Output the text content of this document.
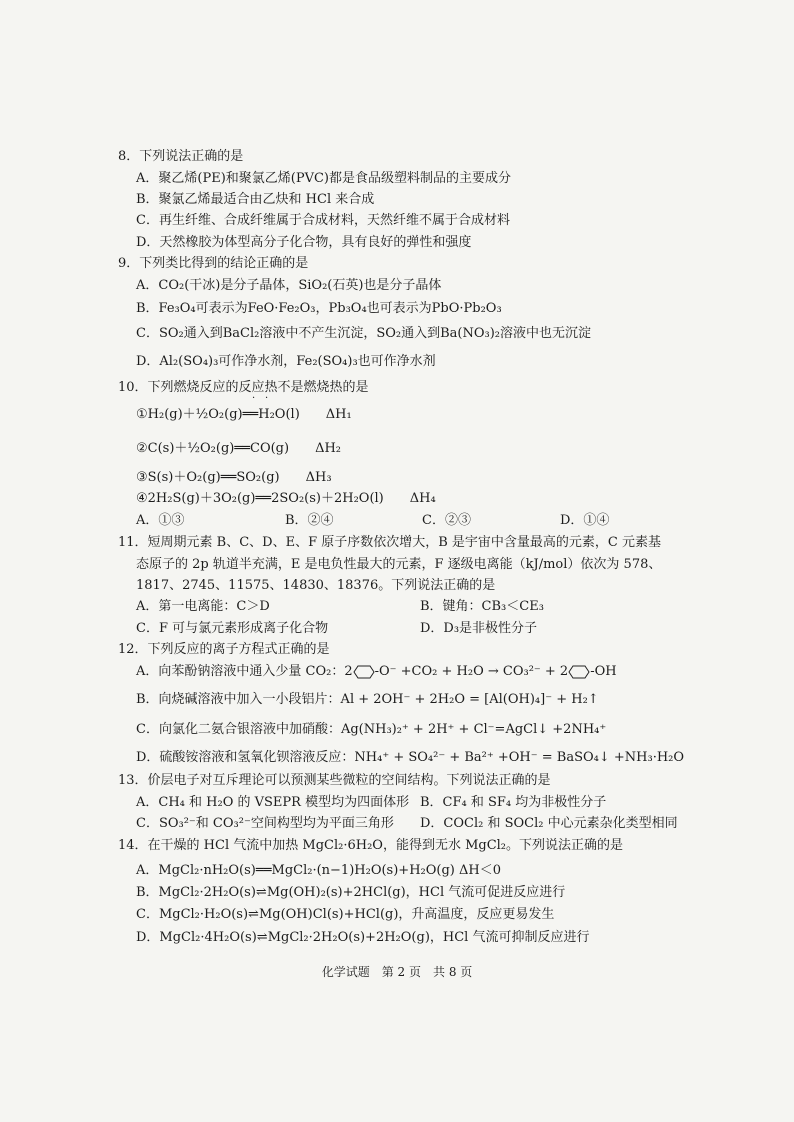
8．下列说法正确的是
A．聚乙烯(PE)和聚氯乙烯(PVC)都是食品级塑料制品的主要成分
B．聚氯乙烯最适合由乙炔和 HCl 来合成
C．再生纤维、合成纤维属于合成材料，天然纤维不属于合成材料
D．天然橡胶为体型高分子化合物，具有良好的弹性和强度
9．下列类比得到的结论正确的是
A．CO₂(干冰)是分子晶体，SiO₂(石英)也是分子晶体
B．Fe₃O₄可表示为FeO·Fe₂O₃，Pb₃O₄也可表示为PbO·Pb₂O₃
C．SO₂通入到BaCl₂溶液中不产生沉淀，SO₂通入到Ba(NO₃)₂溶液中也无沉淀
D．Al₂(SO₄)₃可作净水剂，Fe₂(SO₄)₃也可作净水剂
10．下列燃烧反应的反应热不是燃烧热的是
· ·
①H₂(g)＋½O₂(g)══H₂O(l)　　ΔH₁
②C(s)＋½O₂(g)══CO(g)　　ΔH₂
③S(s)＋O₂(g)══SO₂(g)　　ΔH₃
④2H₂S(g)＋3O₂(g)══2SO₂(s)＋2H₂O(l)　　ΔH₄
A．①③	B．②④	C．②③	D．①④
11．短周期元素 B、C、D、E、F 原子序数依次增大，B 是宇宙中含量最高的元素，C 元素基
态原子的 2p 轨道半充满，E 是电负性最大的元素，F 逐级电离能（kJ/mol）依次为 578、
1817、2745、11575、14830、18376。下列说法正确的是
A．第一电离能：C＞D	B．键角：CB₃＜CE₃
C．F 可与氯元素形成离子化合物	D．D₃是非极性分子
12．下列反应的离子方程式正确的是
A．向苯酚钠溶液中通入少量 CO₂：2 -O⁻ +CO₂ + H₂O → CO₃²⁻ + 2 -OH
B．向烧碱溶液中加入一小段铝片：Al + 2OH⁻ + 2H₂O = [Al(OH)₄]⁻ + H₂↑
C．向氯化二氨合银溶液中加硝酸：Ag(NH₃)₂⁺ + 2H⁺ + Cl⁻=AgCl↓ +2NH₄⁺
D．硫酸铵溶液和氢氧化钡溶液反应：NH₄⁺ + SO₄²⁻ + Ba²⁺ +OH⁻ = BaSO₄↓ +NH₃·H₂O
13．价层电子对互斥理论可以预测某些微粒的空间结构。下列说法正确的是
A．CH₄ 和 H₂O 的 VSEPR 模型均为四面体形 B．CF₄ 和 SF₄ 均为非极性分子
C．SO₃²⁻和 CO₃²⁻空间构型均为平面三角形 D．COCl₂ 和 SOCl₂ 中心元素杂化类型相同
14．在干燥的 HCl 气流中加热 MgCl₂·6H₂O，能得到无水 MgCl₂。下列说法正确的是
A．MgCl₂·nH₂O(s)══MgCl₂·(n−1)H₂O(s)+H₂O(g) ΔH＜0
B．MgCl₂·2H₂O(s)⇌Mg(OH)₂(s)+2HCl(g)，HCl 气流可促进反应进行
C．MgCl₂·H₂O(s)⇌Mg(OH)Cl(s)+HCl(g)，升高温度，反应更易发生
D．MgCl₂·4H₂O(s)⇌MgCl₂·2H₂O(s)+2H₂O(g)，HCl 气流可抑制反应进行
化学试题　第 2 页　共 8 页
